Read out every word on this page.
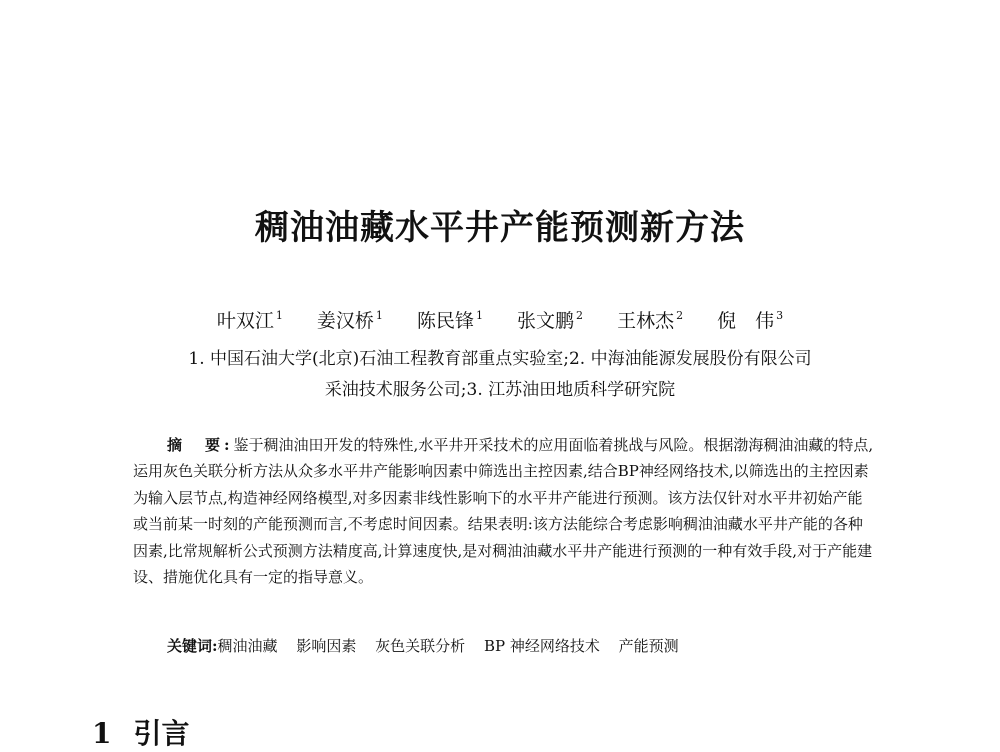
稠油油藏水平井产能预测新方法
叶双江 $^1$ 姜汉桥 $^1$ 陈民锋 $^1$ 张文鹏 $^2$ 王林杰 $^2$ 倪　伟 $^3$
1. 中国石油大学(北京)石油工程教育部重点实验室;2. 中海油能源发展股份有限公司
采油技术服务公司;3. 江苏油田地质科学研究院
摘　要:鉴于稠油油田开发的特殊性,水平井开采技术的应用面临着挑战与风险。根据渤海稠油油藏的特点,运用灰色关联分析方法从众多水平井产能影响因素中筛选出主控因素,结合BP神经网络技术,以筛选出的主控因素为输入层节点,构造神经网络模型,对多因素非线性影响下的水平井产能进行预测。该方法仅针对水平井初始产能或当前某一时刻的产能预测而言,不考虑时间因素。结果表明:该方法能综合考虑影响稠油油藏水平井产能的各种因素,比常规解析公式预测方法精度高,计算速度快,是对稠油油藏水平井产能进行预测的一种有效手段,对于产能建设、措施优化具有一定的指导意义。
关键词:稠油油藏 影响因素 灰色关联分析 BP 神经网络技术 产能预测
1 引言
